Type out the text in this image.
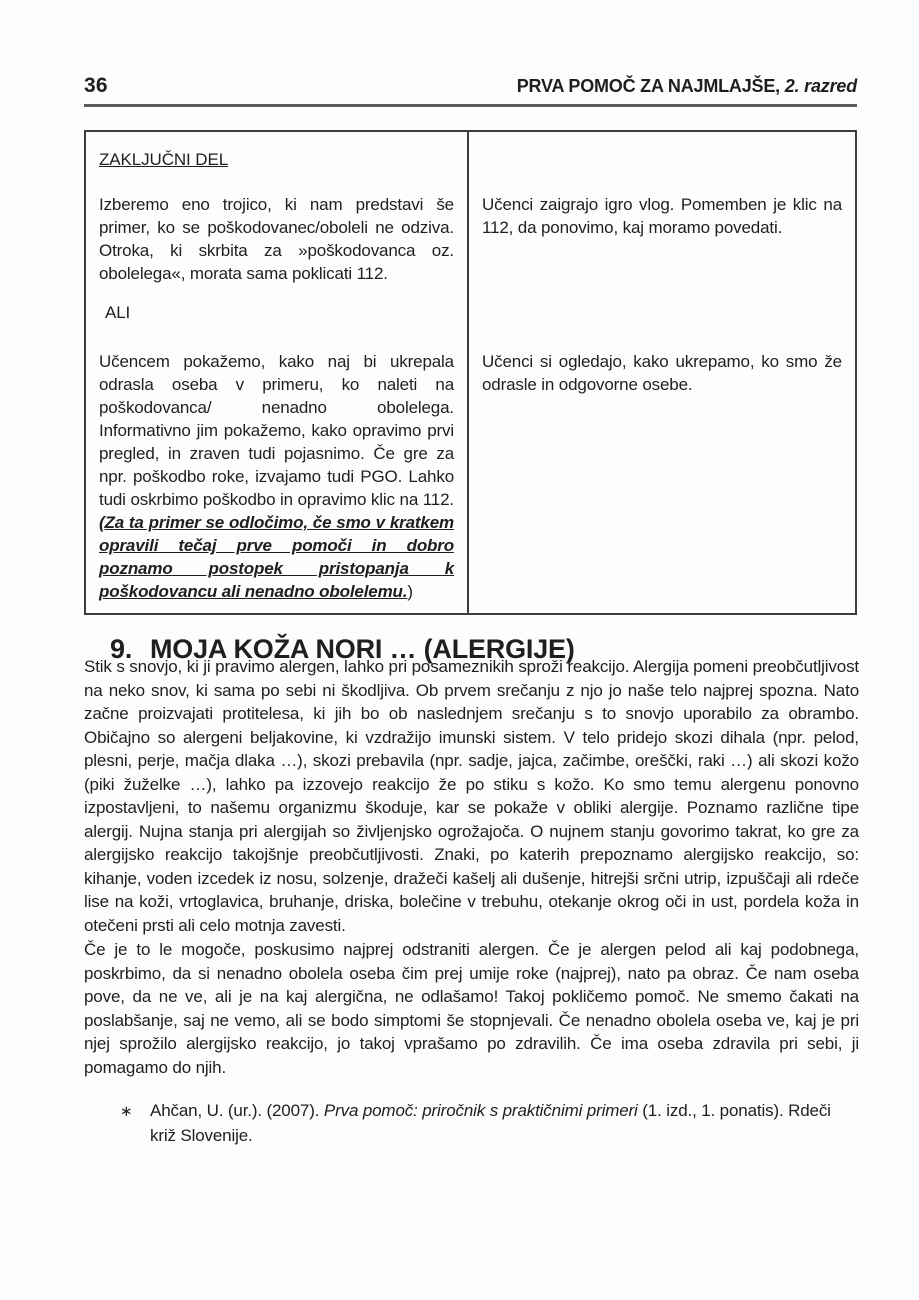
36	PRVA POMOČ ZA NAJMLAJŠE, 2. razred
ZAKLJUČNI DEL

Izberemo eno trojico, ki nam predstavi še primer, ko se poškodovanec/oboleli ne odziva. Otroka, ki skrbita za »poškodovanca oz. obolelega«, morata sama poklicati 112.

ALI

Učencem pokažemo, kako naj bi ukrepala odrasla oseba v primeru, ko naleti na poškodovanca/ nenadno obolelega. Informativno jim pokažemo, kako opravimo prvi pregled, in zraven tudi pojasnimo. Če gre za npr. poškodbo roke, izvajamo tudi PGO. Lahko tudi oskrbimo poškodbo in opravimo klic na 112. (Za ta primer se odločimo, če smo v kratkem opravili tečaj prve pomoči in dobro poznamo postopek pristopanja k poškodovancu ali nenadno obolelemu.)

Učenci zaigrajo igro vlog. Pomemben je klic na 112, da ponovimo, kaj moramo povedati.

Učenci si ogledajo, kako ukrepamo, ko smo že odrasle in odgovorne osebe.

9. MOJA KOŽA NORI … (ALERGIJE)

Stik s snovjo, ki ji pravimo alergen, lahko pri posameznikih sproži reakcijo. Alergija pomeni preobčutljivost na neko snov, ki sama po sebi ni škodljiva. Ob prvem srečanju z njo jo naše telo najprej spozna. Nato začne proizvajati protitelesa, ki jih bo ob naslednjem srečanju s to snovjo uporabilo za obrambo. Običajno so alergeni beljakovine, ki vzdražijo imunski sistem. V telo pridejo skozi dihala (npr. pelod, plesni, perje, mačja dlaka …), skozi prebavila (npr. sadje, jajca, začimbe, oreščki, raki …) ali skozi kožo (piki žuželke …), lahko pa izzovejo reakcijo že po stiku s kožo. Ko smo temu alergenu ponovno izpostavljeni, to našemu organizmu škoduje, kar se pokaže v obliki alergije. Poznamo različne tipe alergij. Nujna stanja pri alergijah so življenjsko ogrožajoča. O nujnem stanju govorimo takrat, ko gre za alergijsko reakcijo takojšnje preobčutljivosti. Znaki, po katerih prepoznamo alergijsko reakcijo, so: kihanje, voden izcedek iz nosu, solzenje, dražeči kašelj ali dušenje, hitrejši srčni utrip, izpuščaji ali rdeče lise na koži, vrtoglavica, bruhanje, driska, bolečine v trebuhu, otekanje okrog oči in ust, pordela koža in otečeni prsti ali celo motnja zavesti.

Če je to le mogoče, poskusimo najprej odstraniti alergen. Če je alergen pelod ali kaj podobnega, poskrbimo, da si nenadno obolela oseba čim prej umije roke (najprej), nato pa obraz. Če nam oseba pove, da ne ve, ali je na kaj alergična, ne odlašamo! Takoj pokličemo pomoč. Ne smemo čakati na poslabšanje, saj ne vemo, ali se bodo simptomi še stopnjevali. Če nenadno obolela oseba ve, kaj je pri njej sprožilo alergijsko reakcijo, jo takoj vprašamo po zdravilih. Če ima oseba zdravila pri sebi, ji pomagamo do njih.

∗ Ahčan, U. (ur.). (2007). Prva pomoč: priročnik s praktičnimi primeri (1. izd., 1. ponatis). Rdeči križ Slovenije.
